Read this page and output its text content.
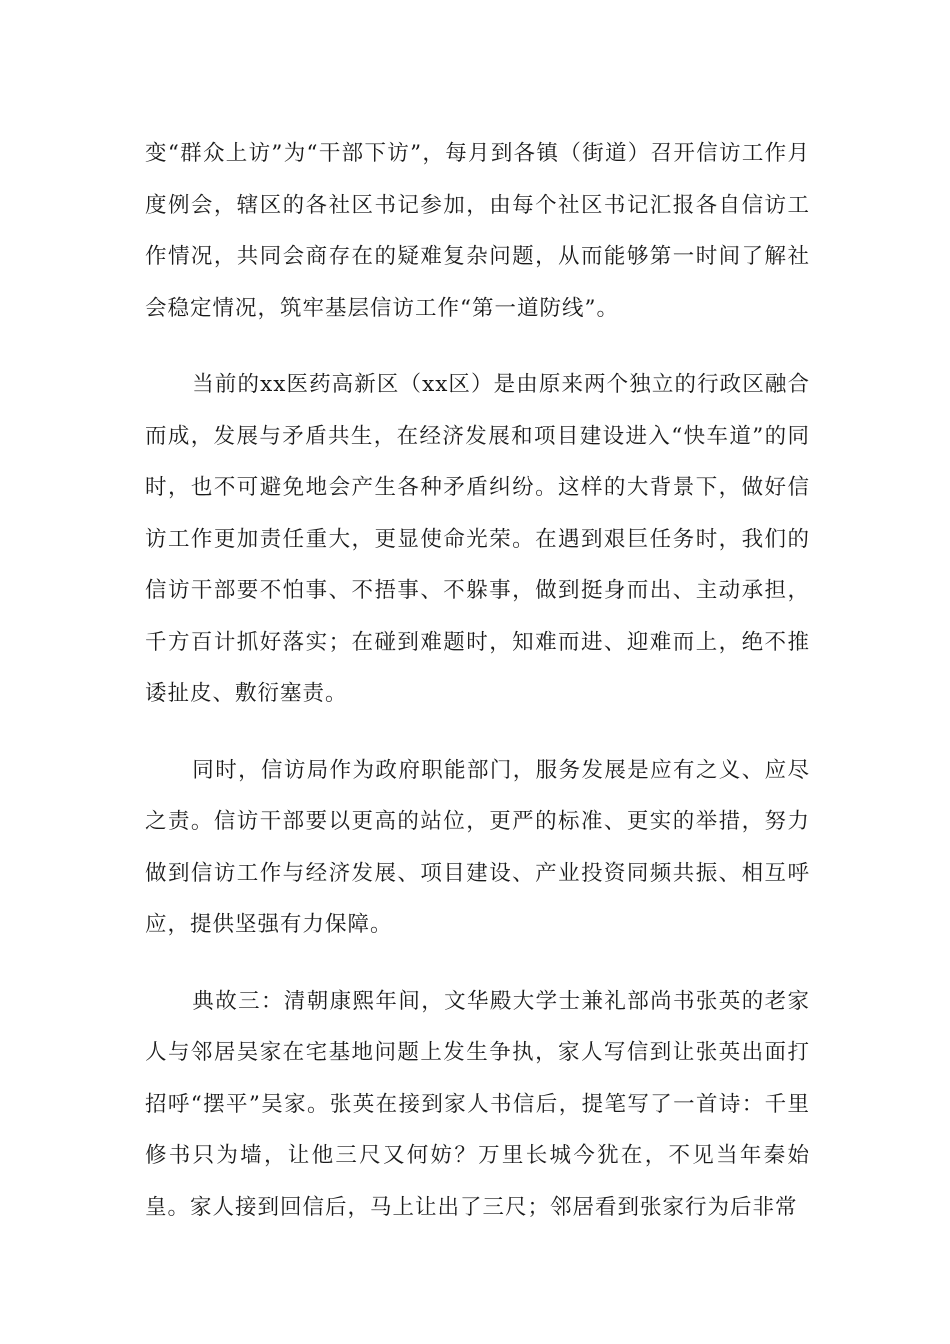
变“群众上访”为“干部下访”，每月到各镇（街道）召开信访工作月度例会，辖区的各社区书记参加，由每个社区书记汇报各自信访工作情况，共同会商存在的疑难复杂问题，从而能够第一时间了解社会稳定情况，筑牢基层信访工作“第一道防线”。

当前的xx医药高新区（xx区）是由原来两个独立的行政区融合而成，发展与矛盾共生，在经济发展和项目建设进入“快车道”的同时，也不可避免地会产生各种矛盾纠纷。这样的大背景下，做好信访工作更加责任重大，更显使命光荣。在遇到艰巨任务时，我们的信访干部要不怕事、不捂事、不躲事，做到挺身而出、主动承担，千方百计抓好落实；在碰到难题时，知难而进、迎难而上，绝不推诿扯皮、敷衍塞责。

同时，信访局作为政府职能部门，服务发展是应有之义、应尽之责。信访干部要以更高的站位，更严的标准、更实的举措，努力做到信访工作与经济发展、项目建设、产业投资同频共振、相互呼应，提供坚强有力保障。

典故三：清朝康熙年间，文华殿大学士兼礼部尚书张英的老家人与邻居吴家在宅基地问题上发生争执，家人写信到让张英出面打招呼“摆平”吴家。张英在接到家人书信后，提笔写了一首诗：千里修书只为墙，让他三尺又何妨？万里长城今犹在，不见当年秦始皇。家人接到回信后，马上让出了三尺；邻居看到张家行为后非常
